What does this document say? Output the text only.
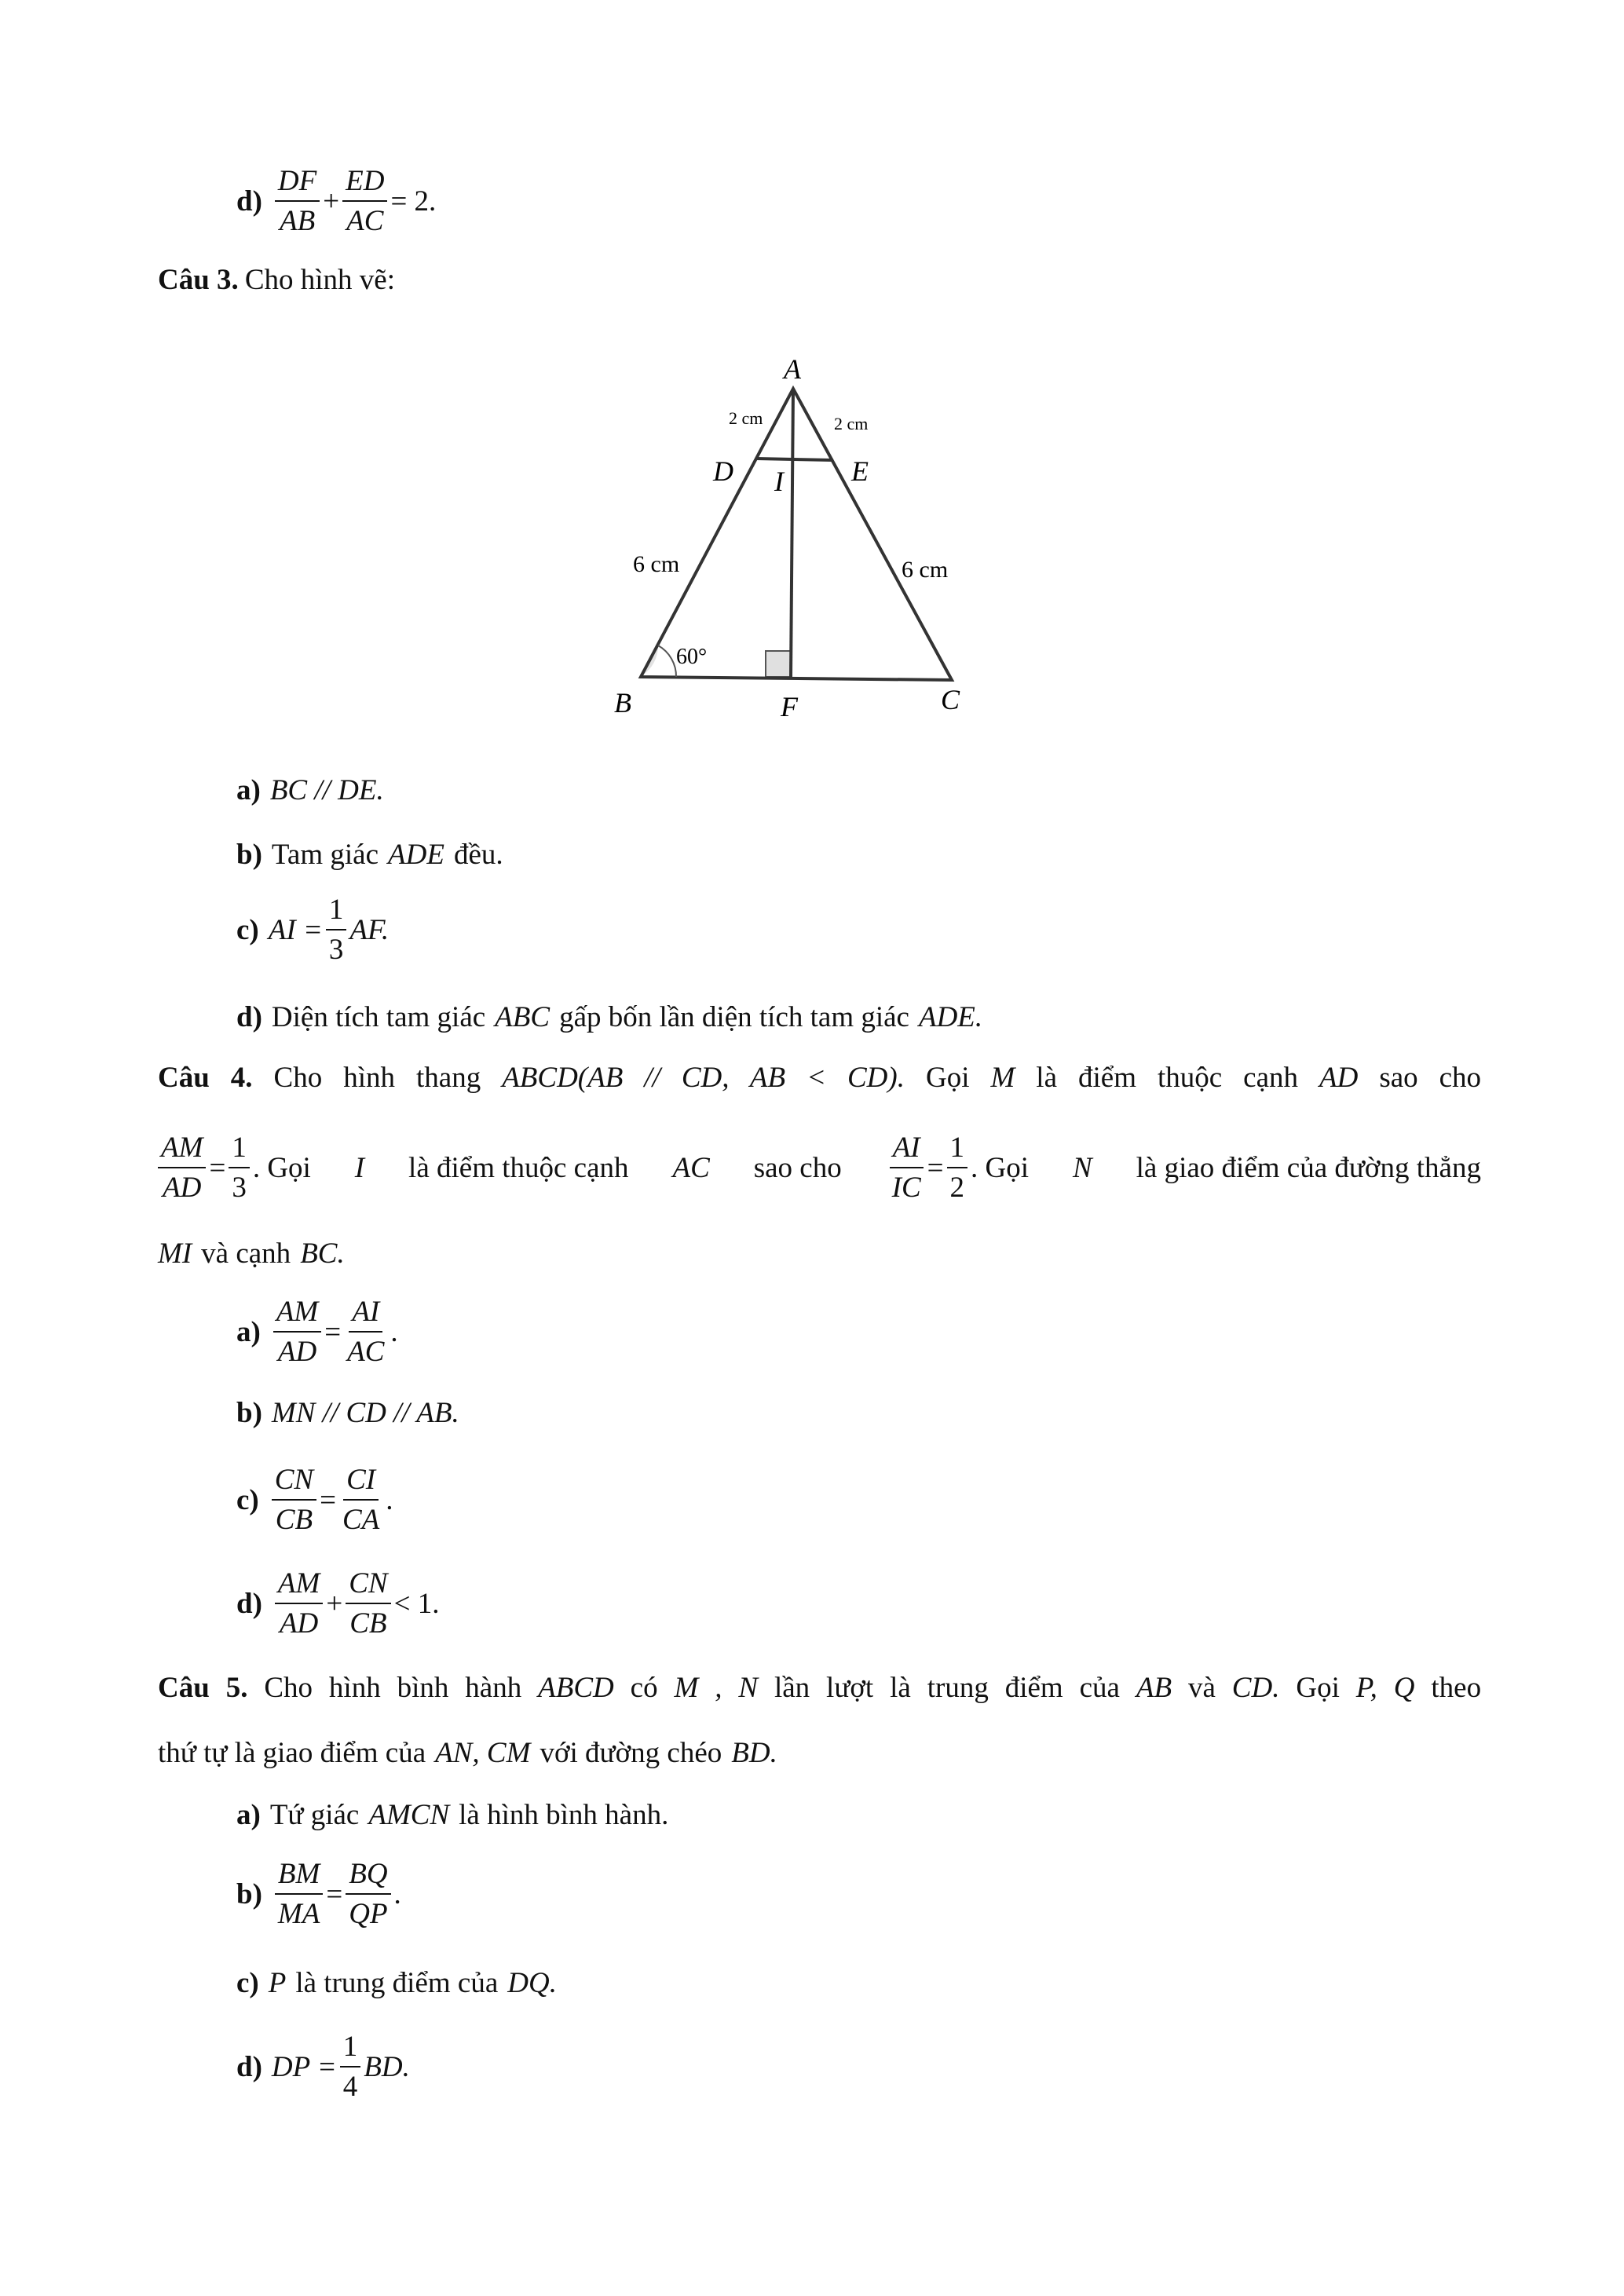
$d) \frac{DF}{AB} + \frac{ED}{AC} = 2$.
Câu 3. Cho hình vẽ:
A
B	C
D	E
F
I
2 cm	2 cm
6 cm	6 cm
60°
a) BC // DE.
b) Tam giác ADE đều.
c) AI = $\frac{1}{3}$ AF.
d) Diện tích tam giác ABC gấp bốn lần diện tích tam giác ADE.
Câu 4. Cho hình thang ABCD(AB // CD, AB < CD). Gọi M là điểm thuộc cạnh AD sao cho
$\frac{AM}{AD} = \frac{1}{3}$ . Gọi I là điểm thuộc cạnh AC sao cho $\frac{AI}{IC} = \frac{1}{2}$ . Gọi N là giao điểm của đường thẳng
MI và cạnh BC.
$a) \frac{AM}{AD} = \frac{AI}{AC}$ .
b) MN // CD // AB.
$c) \frac{CN}{CB} = \frac{CI}{CA}$ .
$d) \frac{AM}{AD} + \frac{CN}{CB} < 1$.
Câu 5. Cho hình bình hành ABCD có M , N lần lượt là trung điểm của AB và CD. Gọi P, Q theo
thứ tự là giao điểm của AN, CM với đường chéo BD.
a) Tứ giác AMCN là hình bình hành.
$b) \frac{BM}{MA} = \frac{BQ}{QP}$ .
c) P là trung điểm của DQ.
d) DP = $\frac{1}{4}$ BD.
